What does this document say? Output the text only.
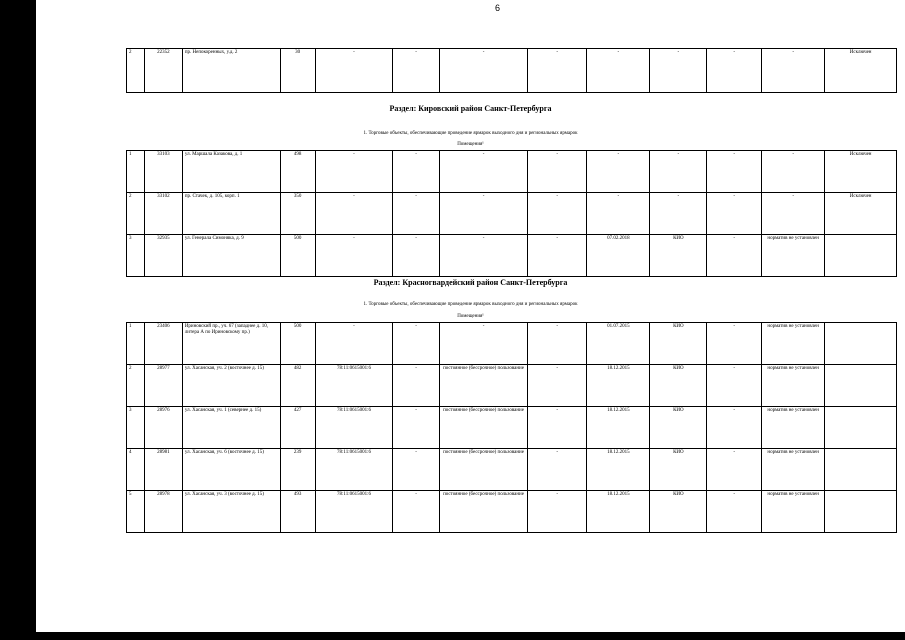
6
2	22352	пр. Непокоренных, у.д. 2	30	-	-	-	-	-	-	-	-	Исключен
Раздел: Кировский район Санкт-Петербурга
1. Торговые объекты, обеспечивающие проведение ярмарок выходного дня и региональных ярмарок
Помещения¹
1	33103	ул. Маршала Казакова, д. 1	498	-	-	-	-	-	-	-	-	Исключен
2	33102	пр. Стачек, д. 105, корп. 1	350	-	-	-	-	-	-	-	-	Исключен
3	32935	ул. Генерала Симоняка, д. 9	500	-	-	-	-	07.02.2018	КИО	-	норматив не установлен	
Раздел: Красногвардейский район Санкт-Петербурга
1. Торговые объекты, обеспечивающие проведение ярмарок выходного дня и региональных ярмарок
Помещения¹
1	23406	Ириновский пр., уч. 67 (западнее д. 10, литера А по Ириновскому пр.)	500	-	-	-	-	01.07.2015	КИО	-	норматив не установлен	
2	28977	ул. Хасанская, уч. 2 (восточнее д. 15)	482	78:11:0615001:6	-	постоянное (бессрочное) пользование	-	18.12.2015	КИО	-	норматив не установлен	
3	28976	ул. Хасанская, уч. 1 (севернее д. 15)	427	78:11:0615001:6	-	постоянное (бессрочное) пользование	-	18.12.2015	КИО	-	норматив не установлен	
4	28981	ул. Хасанская, уч. 6 (восточнее д. 15)	239	78:11:0615001:6	-	постоянное (бессрочное) пользование	-	18.12.2015	КИО	-	норматив не установлен	
5	28978	ул. Хасанская, уч. 3 (восточнее д. 15)	493	78:11:0615001:6	-	постоянное (бессрочное) пользование	-	18.12.2015	КИО	-	норматив не установлен	
